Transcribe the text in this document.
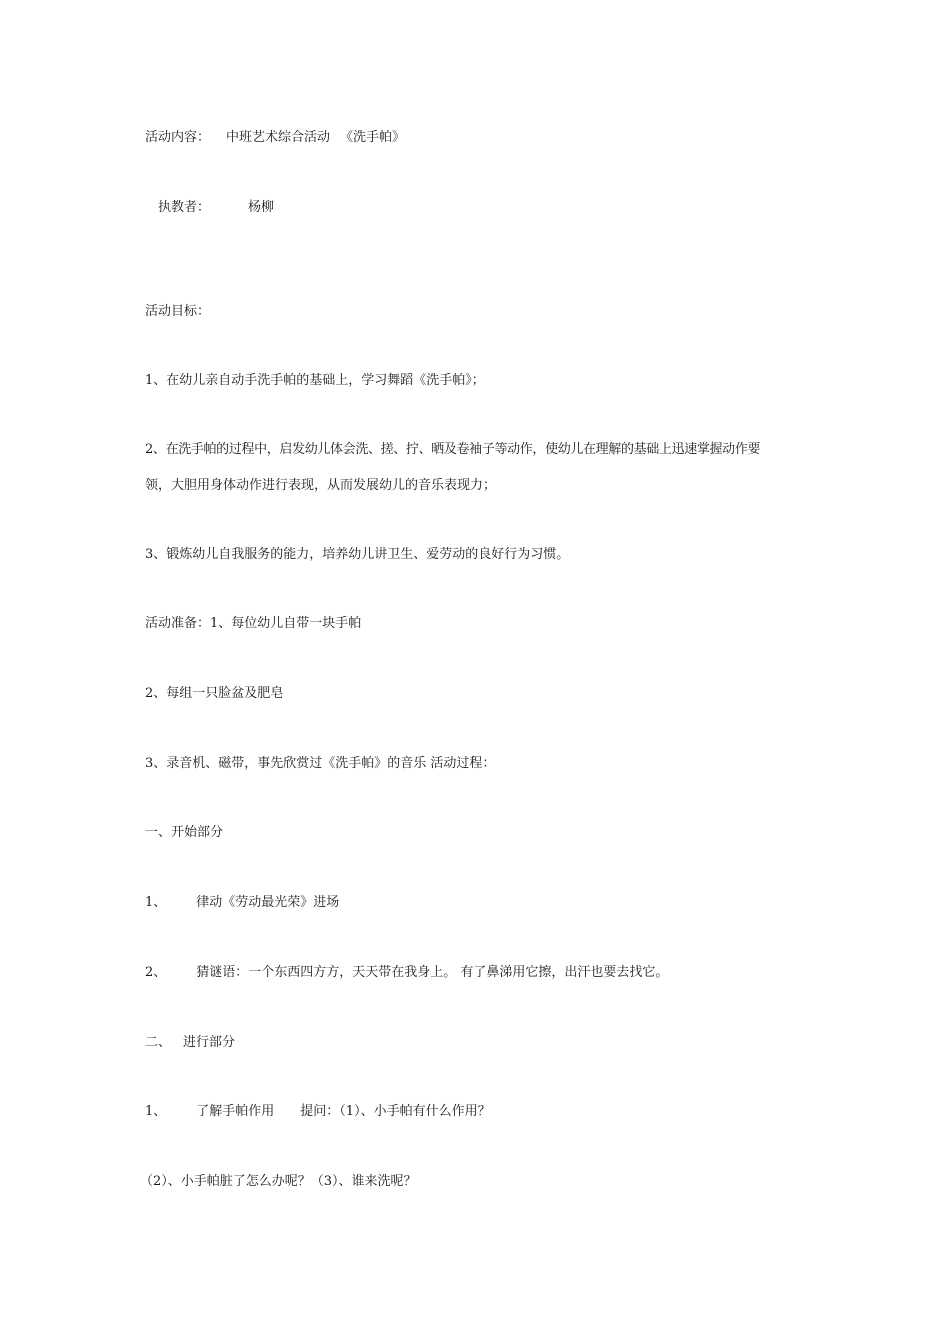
活动内容： 中班艺术综合活动 《洗手帕》
执教者：	杨柳
活动目标：
1、在幼儿亲自动手洗手帕的基础上，学习舞蹈《洗手帕》；
2、在洗手帕的过程中，启发幼儿体会洗、搓、拧、晒及卷袖子等动作，使幼儿在理解的基础上迅速掌握动作要
领，大胆用身体动作进行表现，从而发展幼儿的音乐表现力；
3、锻炼幼儿自我服务的能力，培养幼儿讲卫生、爱劳动的良好行为习惯。
活动准备：1、每位幼儿自带一块手帕
2、每组一只脸盆及肥皂
3、录音机、磁带，事先欣赏过《洗手帕》的音乐 活动过程：
一、开始部分
1、 律动《劳动最光荣》进场
2、 猜谜语：一个东西四方方，天天带在我身上。 有了鼻涕用它擦，出汗也要去找它。
二、 进行部分
1、 了解手帕作用 提问：（1）、小手帕有什么作用？
（2）、小手帕脏了怎么办呢？（3）、谁来洗呢？
